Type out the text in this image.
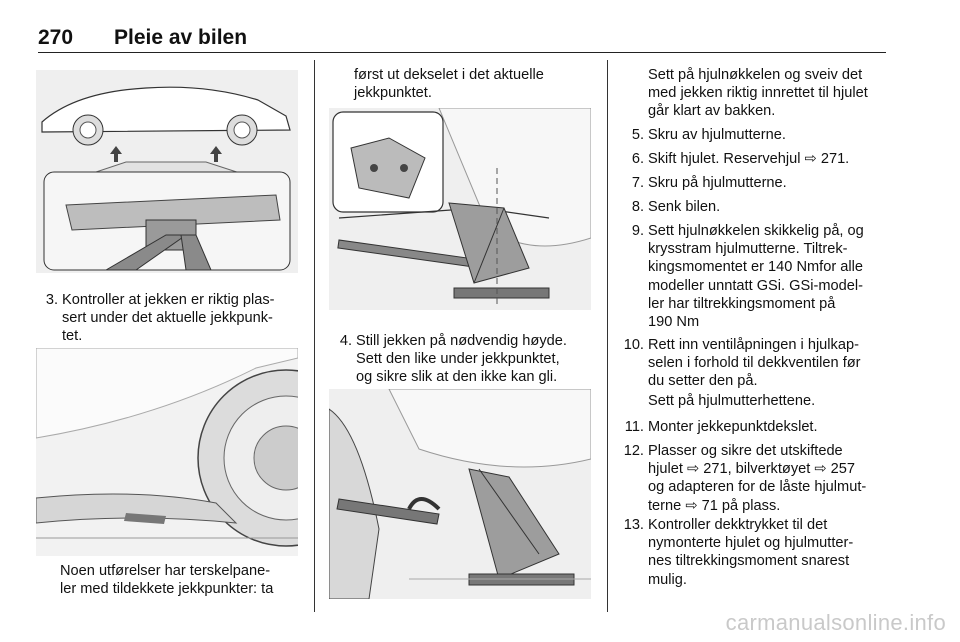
270 Pleie av bilen
3. Kontroller at jekken er riktig plas-
sert under det aktuelle jekkpunk-
tet.
Noen utførelser har terskelpane-
ler med tildekkete jekkpunkter: ta
først ut dekselet i det aktuelle
jekkpunktet.
4. Still jekken på nødvendig høyde.
Sett den like under jekkpunktet,
og sikre slik at den ikke kan gli.
Sett på hjulnøkkelen og sveiv det
med jekken riktig innrettet til hjulet
går klart av bakken.
5. Skru av hjulmutterne.
6. Skift hjulet. Reservehjul ⇨ 271.
7. Skru på hjulmutterne.
8. Senk bilen.
9. Sett hjulnøkkelen skikkelig på, og
krysstram hjulmutterne. Tiltrek-
kingsmomentet er 140 Nmfor alle
modeller unntatt GSi. GSi-model-
ler har tiltrekkingsmoment på
190 Nm
10. Rett inn ventilåpningen i hjulkap-
selen i forhold til dekkventilen før
du setter den på.
Sett på hjulmutterhettene.
11. Monter jekkepunktdekslet.
12. Plasser og sikre det utskiftede
hjulet ⇨ 271, bilverktøyet ⇨ 257
og adapteren for de låste hjulmut-
terne ⇨ 71 på plass.
13. Kontroller dekktrykket til det
nymonterte hjulet og hjulmutter-
nes tiltrekkingsmoment snarest
mulig.
carmanualsonline.info
